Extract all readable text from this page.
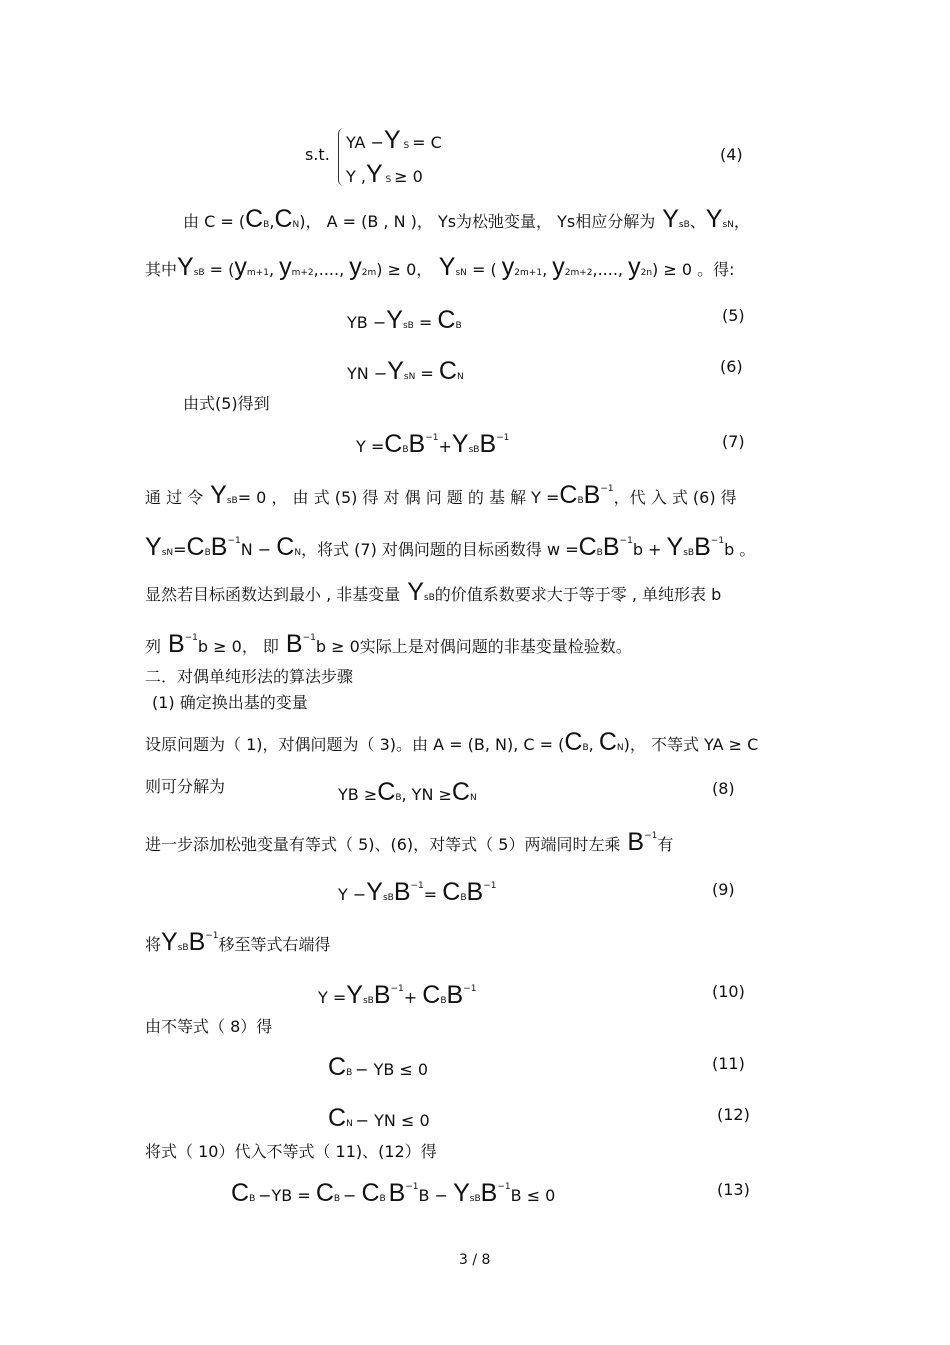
s.t.
YA −Y S = C
Y ,Y S ≥ 0
(4)
由 C = (CB,CN)， A = (B , N )， Ys为松弛变量， Ys相应分解为 YsB、YsN，
其中YsB = (ym+1, ym+2,...., y2m) ≥ 0， YsN = ( y2m+1, y2m+2,...., y2n) ≥ 0 。得:
YB −YsB = CB
(5)
YN −YsN = CN
(6)
由式(5)得到
$Y =CBB^{-1}+YsBB^{-1}$	(7)
通 过 令 YsB= 0 ， 由 式 (5) 得 对 偶 问 题 的 基 解 $Y =CBB^{-1}$，代 入 式 (6) 得
$YsN=CBB^{-1}N$ − CN，将式 (7) 对偶问题的目标函数得 $w =CBB^{-1}b$ + YsBB$^{-1}$b 。
显然若目标函数达到最小 , 非基变量 YsB的价值系数要求大于等于零 , 单纯形表 b
列 $B^{-1}b \ge 0$， 即 $B^{-1}b \ge 0$实际上是对偶问题的非基变量检验数。
二．对偶单纯形法的算法步骤
(1) 确定换出基的变量
设原问题为（ 1)，对偶问题为（ 3)。由 A = (B, N), C = (CB, CN)， 不等式 YA ≥ C
则可分解为	YB ≥CB, YN ≥CN	(8)
进一步添加松弛变量有等式（ 5)、(6)，对等式（ 5）两端同时左乘 $B^{-1}$有
Y −YsBB$^{-1}$= $CBB^{-1}$	(9)
将YsBB$^{-1}$移至等式右端得
Y =YsBB$^{-1}$+ $CBB^{-1}$	(10)
由不等式（ 8）得
CB − YB ≤ 0	(11)
CN − YN ≤ 0	(12)
将式（ 10）代入不等式（ 11)、(12）得
CB −YB = CB − CB $B^{-1}B$ − YsBB$^{-1}$B ≤ 0	(13)
3 / 8
